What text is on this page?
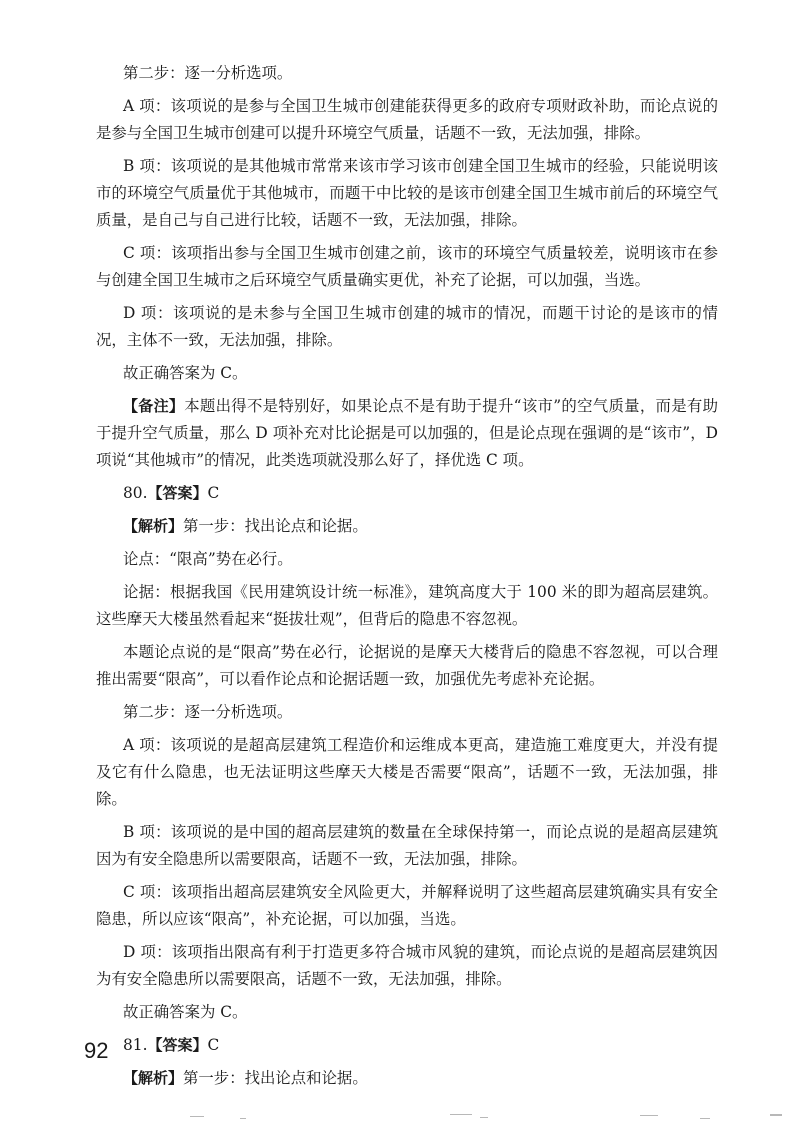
第二步：逐一分析选项。

A 项：该项说的是参与全国卫生城市创建能获得更多的政府专项财政补助，而论点说的是参与全国卫生城市创建可以提升环境空气质量，话题不一致，无法加强，排除。

B 项：该项说的是其他城市常常来该市学习该市创建全国卫生城市的经验，只能说明该市的环境空气质量优于其他城市，而题干中比较的是该市创建全国卫生城市前后的环境空气质量，是自己与自己进行比较，话题不一致，无法加强，排除。

C 项：该项指出参与全国卫生城市创建之前，该市的环境空气质量较差，说明该市在参与创建全国卫生城市之后环境空气质量确实更优，补充了论据，可以加强，当选。

D 项：该项说的是未参与全国卫生城市创建的城市的情况，而题干讨论的是该市的情况，主体不一致，无法加强，排除。

故正确答案为 C。

【备注】本题出得不是特别好，如果论点不是有助于提升“该市”的空气质量，而是有助于提升空气质量，那么 D 项补充对比论据是可以加强的，但是论点现在强调的是“该市”，D 项说“其他城市”的情况，此类选项就没那么好了，择优选 C 项。

80.【答案】C

【解析】第一步：找出论点和论据。

论点：“限高”势在必行。

论据：根据我国《民用建筑设计统一标准》，建筑高度大于 100 米的即为超高层建筑。这些摩天大楼虽然看起来“挺拔壮观”，但背后的隐患不容忽视。

本题论点说的是“限高”势在必行，论据说的是摩天大楼背后的隐患不容忽视，可以合理推出需要“限高”，可以看作论点和论据话题一致，加强优先考虑补充论据。

第二步：逐一分析选项。

A 项：该项说的是超高层建筑工程造价和运维成本更高，建造施工难度更大，并没有提及它有什么隐患，也无法证明这些摩天大楼是否需要“限高”，话题不一致，无法加强，排除。

B 项：该项说的是中国的超高层建筑的数量在全球保持第一，而论点说的是超高层建筑因为有安全隐患所以需要限高，话题不一致，无法加强，排除。

C 项：该项指出超高层建筑安全风险更大，并解释说明了这些超高层建筑确实具有安全隐患，所以应该“限高”，补充论据，可以加强，当选。

D 项：该项指出限高有利于打造更多符合城市风貌的建筑，而论点说的是超高层建筑因为有安全隐患所以需要限高，话题不一致，无法加强，排除。

故正确答案为 C。

81.【答案】C

【解析】第一步：找出论点和论据。

92
